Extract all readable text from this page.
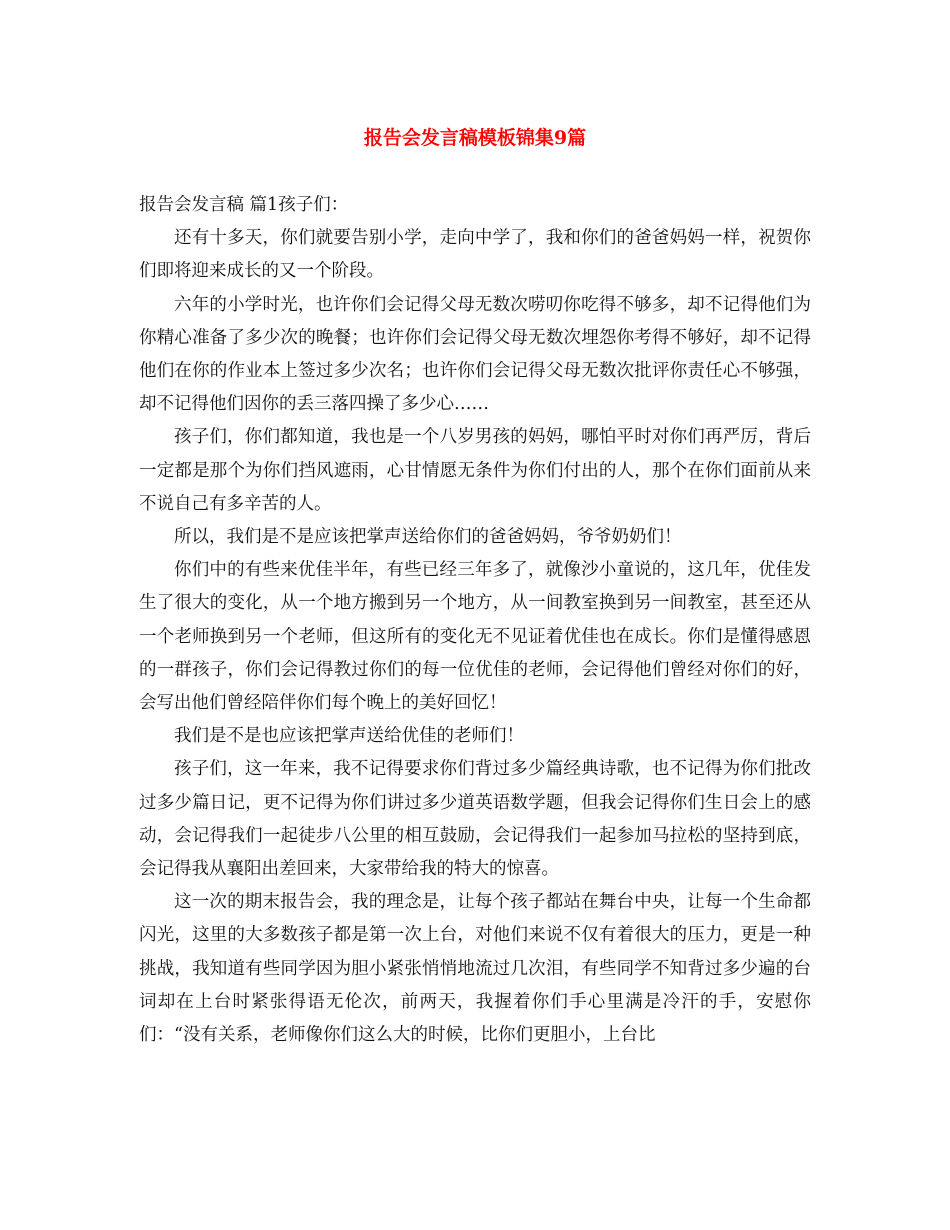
报告会发言稿模板锦集9篇

报告会发言稿 篇1孩子们：

还有十多天，你们就要告别小学，走向中学了，我和你们的爸爸妈妈一样，祝贺你们即将迎来成长的又一个阶段。

六年的小学时光，也许你们会记得父母无数次唠叨你吃得不够多，却不记得他们为你精心准备了多少次的晚餐；也许你们会记得父母无数次埋怨你考得不够好，却不记得他们在你的作业本上签过多少次名；也许你们会记得父母无数次批评你责任心不够强，却不记得他们因你的丢三落四操了多少心……

孩子们，你们都知道，我也是一个八岁男孩的妈妈，哪怕平时对你们再严厉，背后一定都是那个为你们挡风遮雨，心甘情愿无条件为你们付出的人，那个在你们面前从来不说自己有多辛苦的人。

所以，我们是不是应该把掌声送给你们的爸爸妈妈，爷爷奶奶们！

你们中的有些来优佳半年，有些已经三年多了，就像沙小童说的，这几年，优佳发生了很大的变化，从一个地方搬到另一个地方，从一间教室换到另一间教室，甚至还从一个老师换到另一个老师，但这所有的变化无不见证着优佳也在成长。你们是懂得感恩的一群孩子，你们会记得教过你们的每一位优佳的老师，会记得他们曾经对你们的好，会写出他们曾经陪伴你们每个晚上的美好回忆！

我们是不是也应该把掌声送给优佳的老师们！

孩子们，这一年来，我不记得要求你们背过多少篇经典诗歌，也不记得为你们批改过多少篇日记，更不记得为你们讲过多少道英语数学题，但我会记得你们生日会上的感动，会记得我们一起徒步八公里的相互鼓励，会记得我们一起参加马拉松的坚持到底，会记得我从襄阳出差回来，大家带给我的特大的惊喜。

这一次的期末报告会，我的理念是，让每个孩子都站在舞台中央，让每一个生命都闪光，这里的大多数孩子都是第一次上台，对他们来说不仅有着很大的压力，更是一种挑战，我知道有些同学因为胆小紧张悄悄地流过几次泪，有些同学不知背过多少遍的台词却在上台时紧张得语无伦次，前两天，我握着你们手心里满是冷汗的手，安慰你们：“没有关系，老师像你们这么大的时候，比你们更胆小，上台比
